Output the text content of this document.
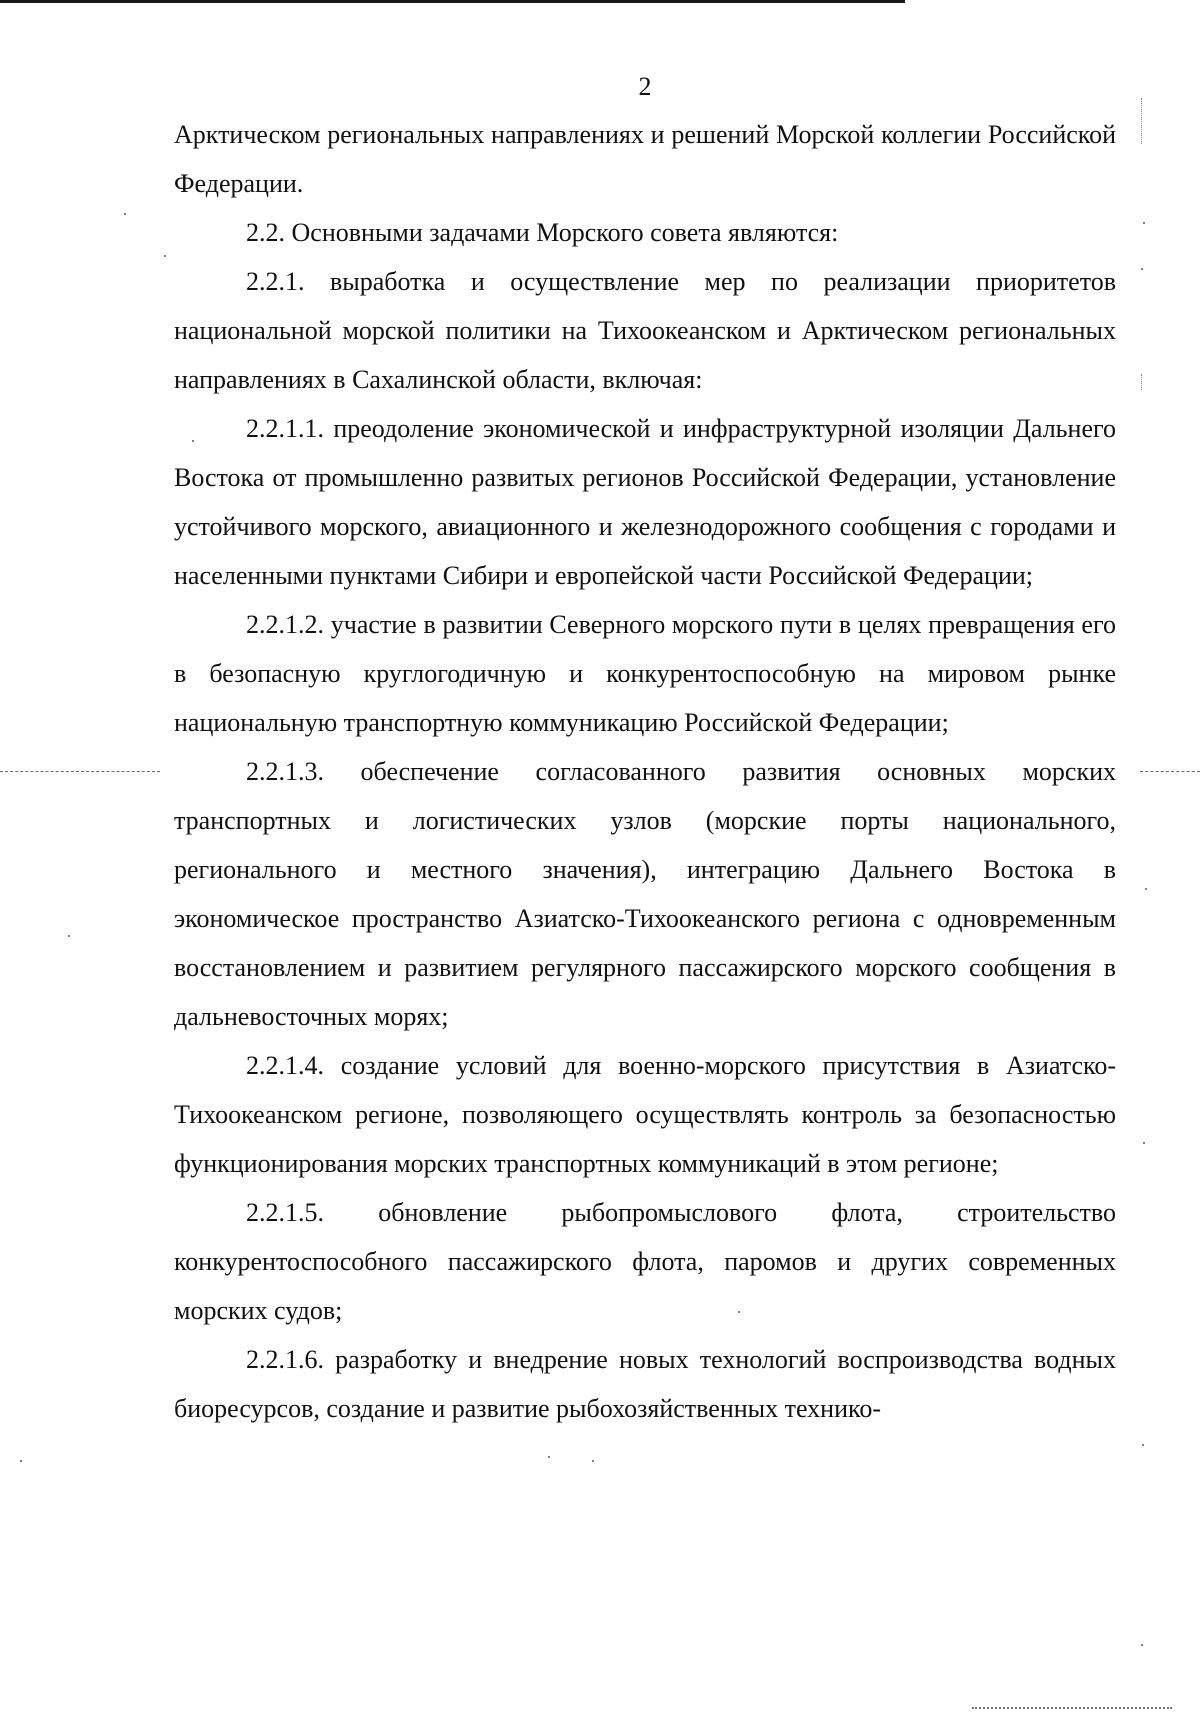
2

Арктическом региональных направлениях и решений Морской коллегии Российской Федерации.

2.2. Основными задачами Морского совета являются:

2.2.1. выработка и осуществление мер по реализации приоритетов национальной морской политики на Тихоокеанском и Арктическом региональных направлениях в Сахалинской области, включая:

2.2.1.1. преодоление экономической и инфраструктурной изоляции Дальнего Востока от промышленно развитых регионов Российской Федерации, установление устойчивого морского, авиационного и железнодорожного сообщения с городами и населенными пунктами Сибири и европейской части Российской Федерации;

2.2.1.2. участие в развитии Северного морского пути в целях превращения его в безопасную круглогодичную и конкурентоспособную на мировом рынке национальную транспортную коммуникацию Российской Федерации;

2.2.1.3. обеспечение согласованного развития основных морских транспортных и логистических узлов (морские порты национального, регионального и местного значения), интеграцию Дальнего Востока в экономическое пространство Азиатско-Тихоокеанского региона с одновременным восстановлением и развитием регулярного пассажирского морского сообщения в дальневосточных морях;

2.2.1.4. создание условий для военно-морского присутствия в Азиатско-Тихоокеанском регионе, позволяющего осуществлять контроль за безопасностью функционирования морских транспортных коммуникаций в этом регионе;

2.2.1.5. обновление рыбопромыслового флота, строительство конкурентоспособного пассажирского флота, паромов и других современных морских судов;

2.2.1.6. разработку и внедрение новых технологий воспроизводства водных биоресурсов, создание и развитие рыбохозяйственных технико-
